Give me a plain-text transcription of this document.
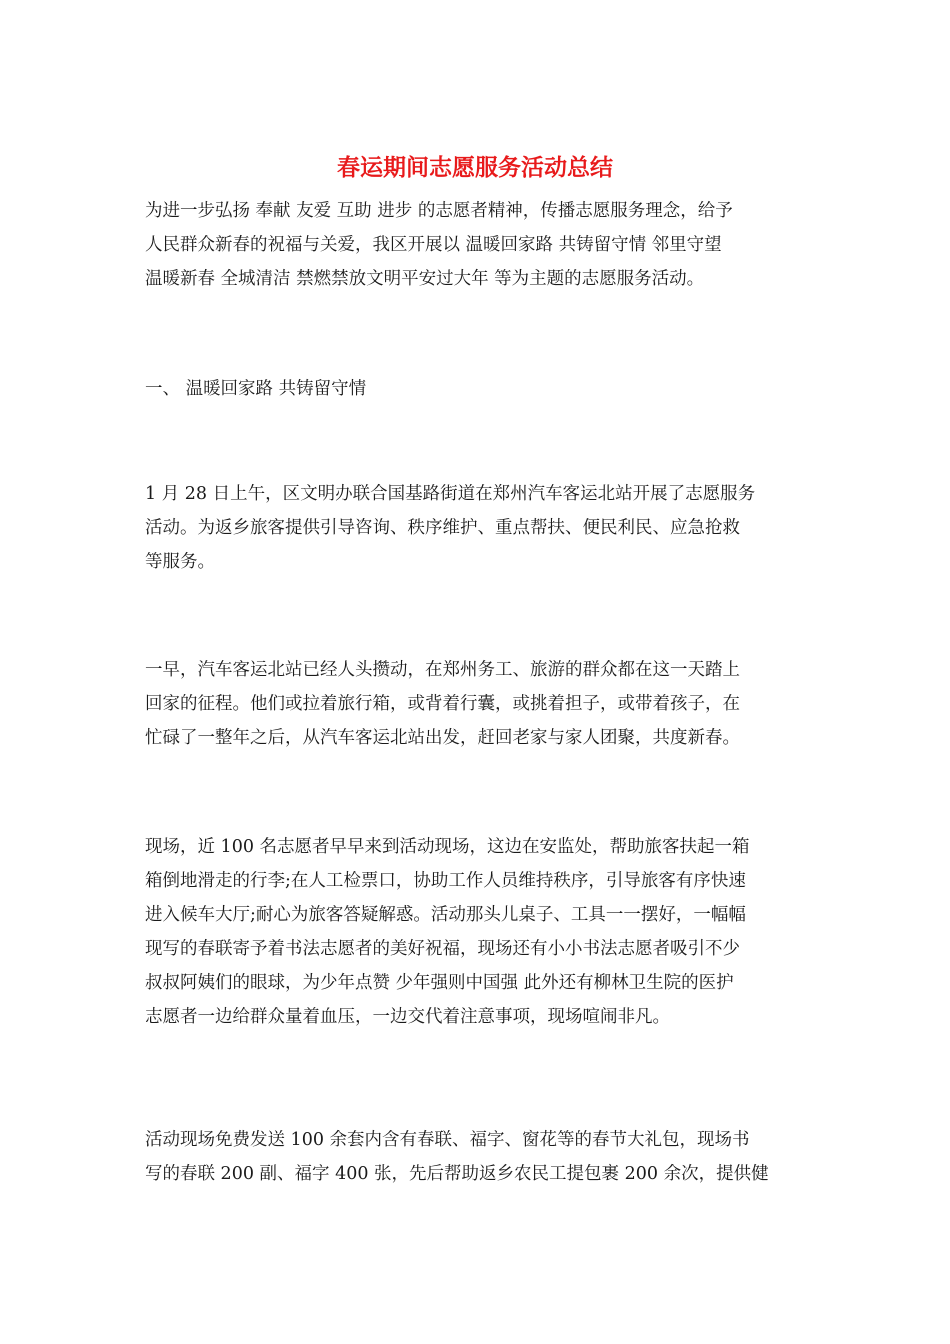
春运期间志愿服务活动总结
为进一步弘扬 奉献 友爱 互助 进步 的志愿者精神，传播志愿服务理念，给予
人民群众新春的祝福与关爱，我区开展以 温暖回家路 共铸留守情 邻里守望
温暖新春 全城清洁 禁燃禁放文明平安过大年 等为主题的志愿服务活动。
一、 温暖回家路 共铸留守情
1 月 28 日上午，区文明办联合国基路街道在郑州汽车客运北站开展了志愿服务
活动。为返乡旅客提供引导咨询、秩序维护、重点帮扶、便民利民、应急抢救
等服务。
一早，汽车客运北站已经人头攒动，在郑州务工、旅游的群众都在这一天踏上
回家的征程。他们或拉着旅行箱，或背着行囊，或挑着担子，或带着孩子，在
忙碌了一整年之后，从汽车客运北站出发，赶回老家与家人团聚，共度新春。
现场，近 100 名志愿者早早来到活动现场，这边在安监处，帮助旅客扶起一箱
箱倒地滑走的行李;在人工检票口，协助工作人员维持秩序，引导旅客有序快速
进入候车大厅;耐心为旅客答疑解惑。活动那头儿桌子、工具一一摆好，一幅幅
现写的春联寄予着书法志愿者的美好祝福，现场还有小小书法志愿者吸引不少
叔叔阿姨们的眼球，为少年点赞 少年强则中国强 此外还有柳林卫生院的医护
志愿者一边给群众量着血压，一边交代着注意事项，现场喧闹非凡。
活动现场免费发送 100 余套内含有春联、福字、窗花等的春节大礼包，现场书
写的春联 200 副、福字 400 张，先后帮助返乡农民工提包裹 200 余次，提供健
